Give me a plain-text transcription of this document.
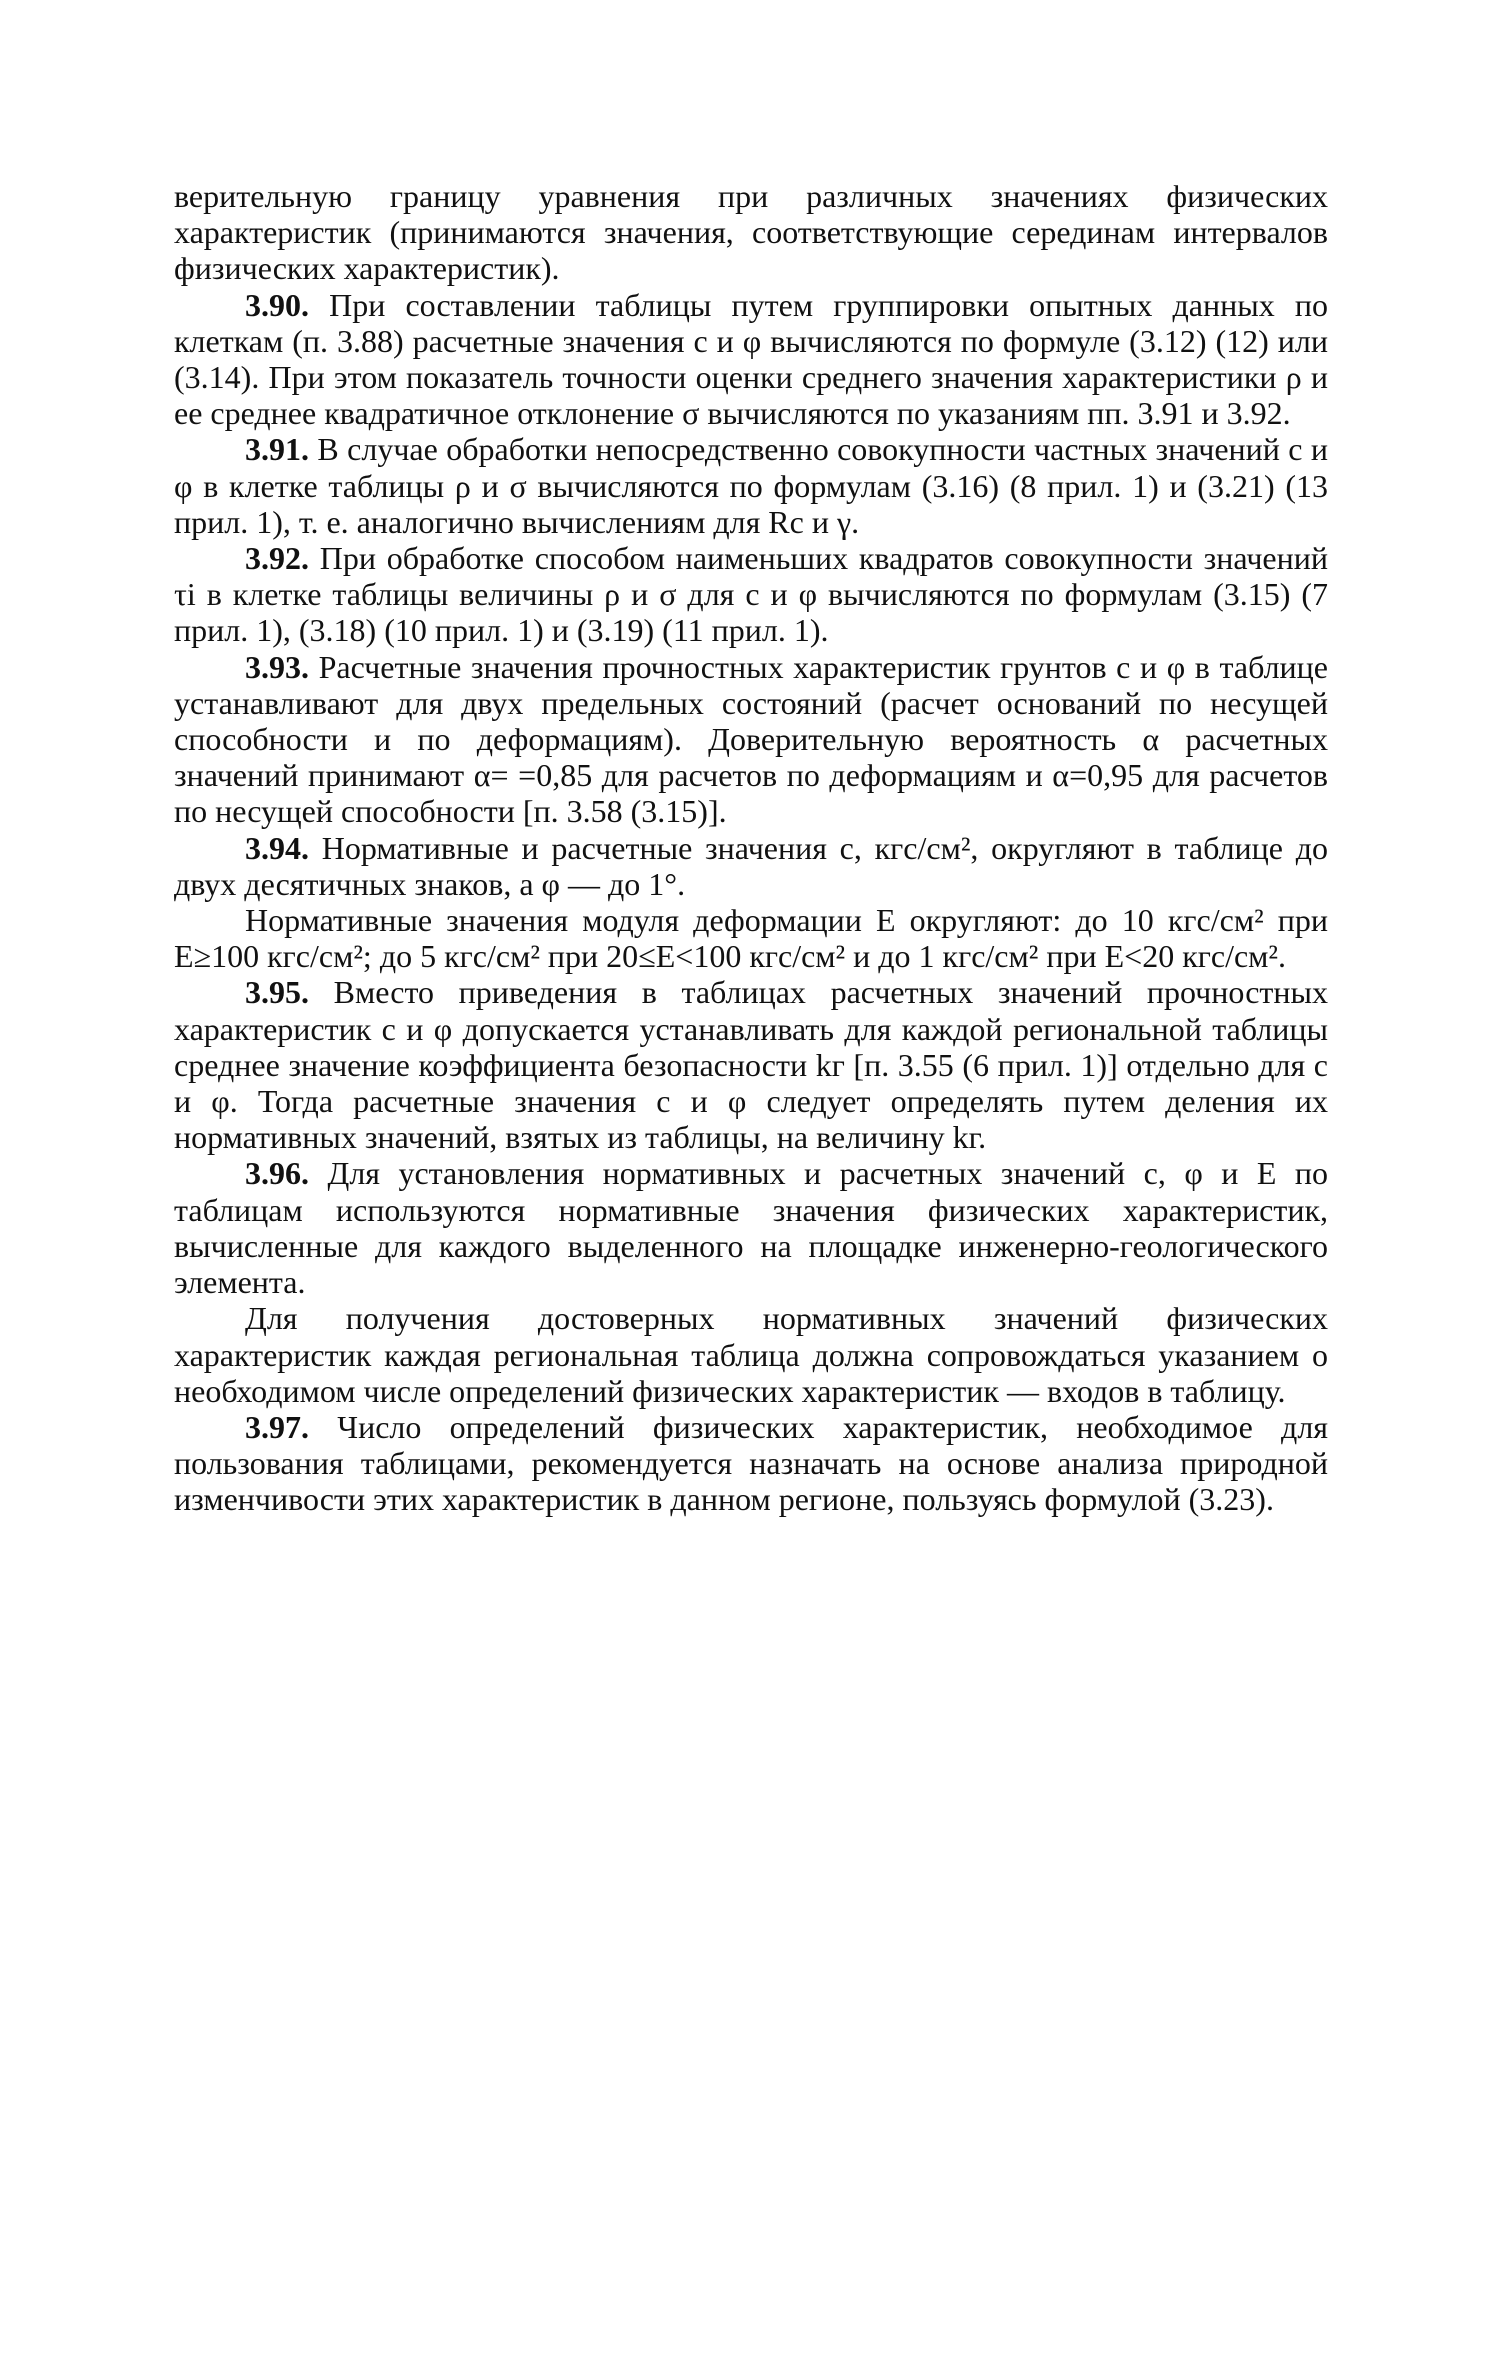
верительную границу уравнения при различных значениях физических характеристик (принимаются значения, соответствующие серединам интервалов физических характеристик).

3.90. При составлении таблицы путем группировки опытных данных по клеткам (п. 3.88) расчетные значения c и φ вычисляются по формуле (3.12) (12) или (3.14). При этом показатель точности оценки среднего значения характеристики ρ и ее среднее квадратичное отклонение σ вычисляются по указаниям пп. 3.91 и 3.92.

3.91. В случае обработки непосредственно совокупности частных значений c и φ в клетке таблицы ρ и σ вычисляются по формулам (3.16) (8 прил. 1) и (3.21) (13 прил. 1), т. е. аналогично вычислениям для Rс и γ.

3.92. При обработке способом наименьших квадратов совокупности значений τi в клетке таблицы величины ρ и σ для c и φ вычисляются по формулам (3.15) (7 прил. 1), (3.18) (10 прил. 1) и (3.19) (11 прил. 1).

3.93. Расчетные значения прочностных характеристик грунтов c и φ в таблице устанавливают для двух предельных состояний (расчет оснований по несущей способности и по деформациям). Доверительную вероятность α расчетных значений принимают α= =0,85 для расчетов по деформациям и α=0,95 для расчетов по несущей способности [п. 3.58 (3.15)].

3.94. Нормативные и расчетные значения c, кгс/см², округляют в таблице до двух десятичных знаков, а φ — до 1°.

Нормативные значения модуля деформации E округляют: до 10 кгс/см² при E≥100 кгс/см²; до 5 кгс/см² при 20≤E<100 кгс/см² и до 1 кгс/см² при E<20 кгс/см².

3.95. Вместо приведения в таблицах расчетных значений прочностных характеристик c и φ допускается устанавливать для каждой региональной таблицы среднее значение коэффициента безопасности kг [п. 3.55 (6 прил. 1)] отдельно для c и φ. Тогда расчетные значения c и φ следует определять путем деления их нормативных значений, взятых из таблицы, на величину kг.

3.96. Для установления нормативных и расчетных значений c, φ и E по таблицам используются нормативные значения физических характеристик, вычисленные для каждого выделенного на площадке инженерно-геологического элемента.

Для получения достоверных нормативных значений физических характеристик каждая региональная таблица должна сопровождаться указанием о необходимом числе определений физических характеристик — входов в таблицу.

3.97. Число определений физических характеристик, необходимое для пользования таблицами, рекомендуется назначать на основе анализа природной изменчивости этих характеристик в данном регионе, пользуясь формулой (3.23).
